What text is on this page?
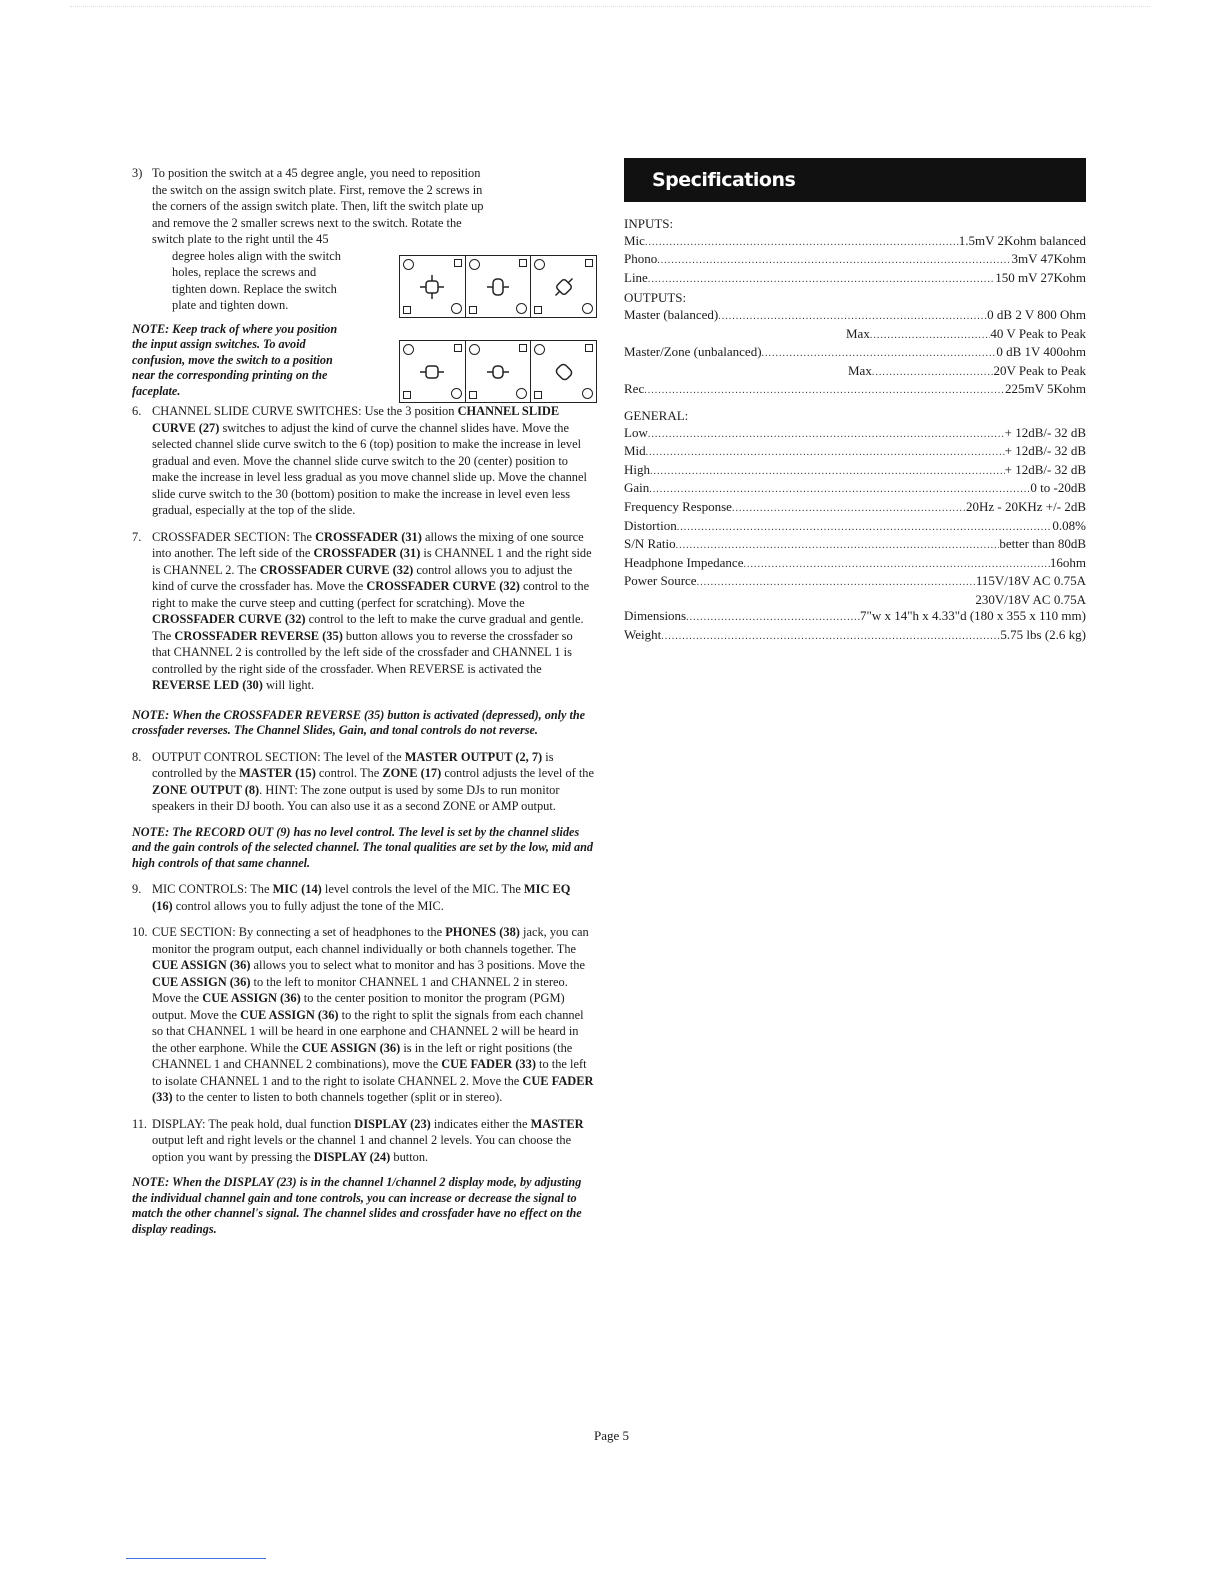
3) To position the switch at a 45 degree angle, you need to reposition
the switch on the assign switch plate. First, remove the 2 screws in
the corners of the assign switch plate. Then, lift the switch plate up
and remove the 2 smaller screws next to the switch. Rotate the
switch plate to the right until the 45
degree holes align with the switch
holes, replace the screws and
tighten down. Replace the switch
plate and tighten down.
NOTE: Keep track of where you position
the input assign switches. To avoid
confusion, move the switch to a position
near the corresponding printing on the
faceplate.
6. CHANNEL SLIDE CURVE SWITCHES: Use the 3 position CHANNEL SLIDE CURVE (27) switches to adjust the kind of curve the channel slides have. Move the selected channel slide curve switch to the 6 (top) position to make the increase in level gradual and even. Move the channel slide curve switch to the 20 (center) position to make the increase in level less gradual as you move channel slide up. Move the channel slide curve switch to the 30 (bottom) position to make the increase in level even less gradual, especially at the top of the slide.
7. CROSSFADER SECTION: The CROSSFADER (31) allows the mixing of one source into another. The left side of the CROSSFADER (31) is CHANNEL 1 and the right side is CHANNEL 2. The CROSSFADER CURVE (32) control allows you to adjust the kind of curve the crossfader has. Move the CROSSFADER CURVE (32) control to the right to make the curve steep and cutting (perfect for scratching). Move the CROSSFADER CURVE (32) control to the left to make the curve gradual and gentle. The CROSSFADER REVERSE (35) button allows you to reverse the crossfader so that CHANNEL 2 is controlled by the left side of the crossfader and CHANNEL 1 is controlled by the right side of the crossfader. When REVERSE is activated the REVERSE LED (30) will light.
NOTE: When the CROSSFADER REVERSE (35) button is activated (depressed), only the crossfader reverses. The Channel Slides, Gain, and tonal controls do not reverse.
8. OUTPUT CONTROL SECTION: The level of the MASTER OUTPUT (2, 7) is controlled by the MASTER (15) control. The ZONE (17) control adjusts the level of the ZONE OUTPUT (8). HINT: The zone output is used by some DJs to run monitor speakers in their DJ booth. You can also use it as a second ZONE or AMP output.
NOTE: The RECORD OUT (9) has no level control. The level is set by the channel slides and the gain controls of the selected channel. The tonal qualities are set by the low, mid and high controls of that same channel.
9. MIC CONTROLS: The MIC (14) level controls the level of the MIC. The MIC EQ (16) control allows you to fully adjust the tone of the MIC.
10. CUE SECTION: By connecting a set of headphones to the PHONES (38) jack, you can monitor the program output, each channel individually or both channels together. The CUE ASSIGN (36) allows you to select what to monitor and has 3 positions. Move the CUE ASSIGN (36) to the left to monitor CHANNEL 1 and CHANNEL 2 in stereo. Move the CUE ASSIGN (36) to the center position to monitor the program (PGM) output. Move the CUE ASSIGN (36) to the right to split the signals from each channel so that CHANNEL 1 will be heard in one earphone and CHANNEL 2 will be heard in the other earphone. While the CUE ASSIGN (36) is in the left or right positions (the CHANNEL 1 and CHANNEL 2 combinations), move the CUE FADER (33) to the left to isolate CHANNEL 1 and to the right to isolate CHANNEL 2. Move the CUE FADER (33) to the center to listen to both channels together (split or in stereo).
11. DISPLAY: The peak hold, dual function DISPLAY (23) indicates either the MASTER output left and right levels or the channel 1 and channel 2 levels. You can choose the option you want by pressing the DISPLAY (24) button.
NOTE: When the DISPLAY (23) is in the channel 1/channel 2 display mode, by adjusting the individual channel gain and tone controls, you can increase or decrease the signal to match the other channel's signal. The channel slides and crossfader have no effect on the display readings.
Specifications
INPUTS:
Mic .....	1.5mV 2Kohm balanced
Phono .....	3mV 47Kohm
Line .....	150 mV 27Kohm
OUTPUTS:
Master (balanced) .....	0 dB 2 V 800 Ohm
Max .....	40 V Peak to Peak
Master/Zone (unbalanced) .....	0 dB 1V 400ohm
Max .....	20V Peak to Peak
Rec .....	225mV 5Kohm
GENERAL:
Low .....	+ 12dB/- 32 dB
Mid .....	+ 12dB/- 32 dB
High .....	+ 12dB/- 32 dB
Gain .....	0 to -20dB
Frequency Response .....	20Hz - 20KHz +/- 2dB
Distortion .....	0.08%
S/N Ratio .....	better than 80dB
Headphone Impedance .....	16ohm
Power Source .....	115V/18V AC 0.75A
230V/18V AC 0.75A
Dimensions .....	7"w x 14"h x 4.33"d (180 x 355 x 110 mm)
Weight .....	5.75 lbs (2.6 kg)
Page 5
